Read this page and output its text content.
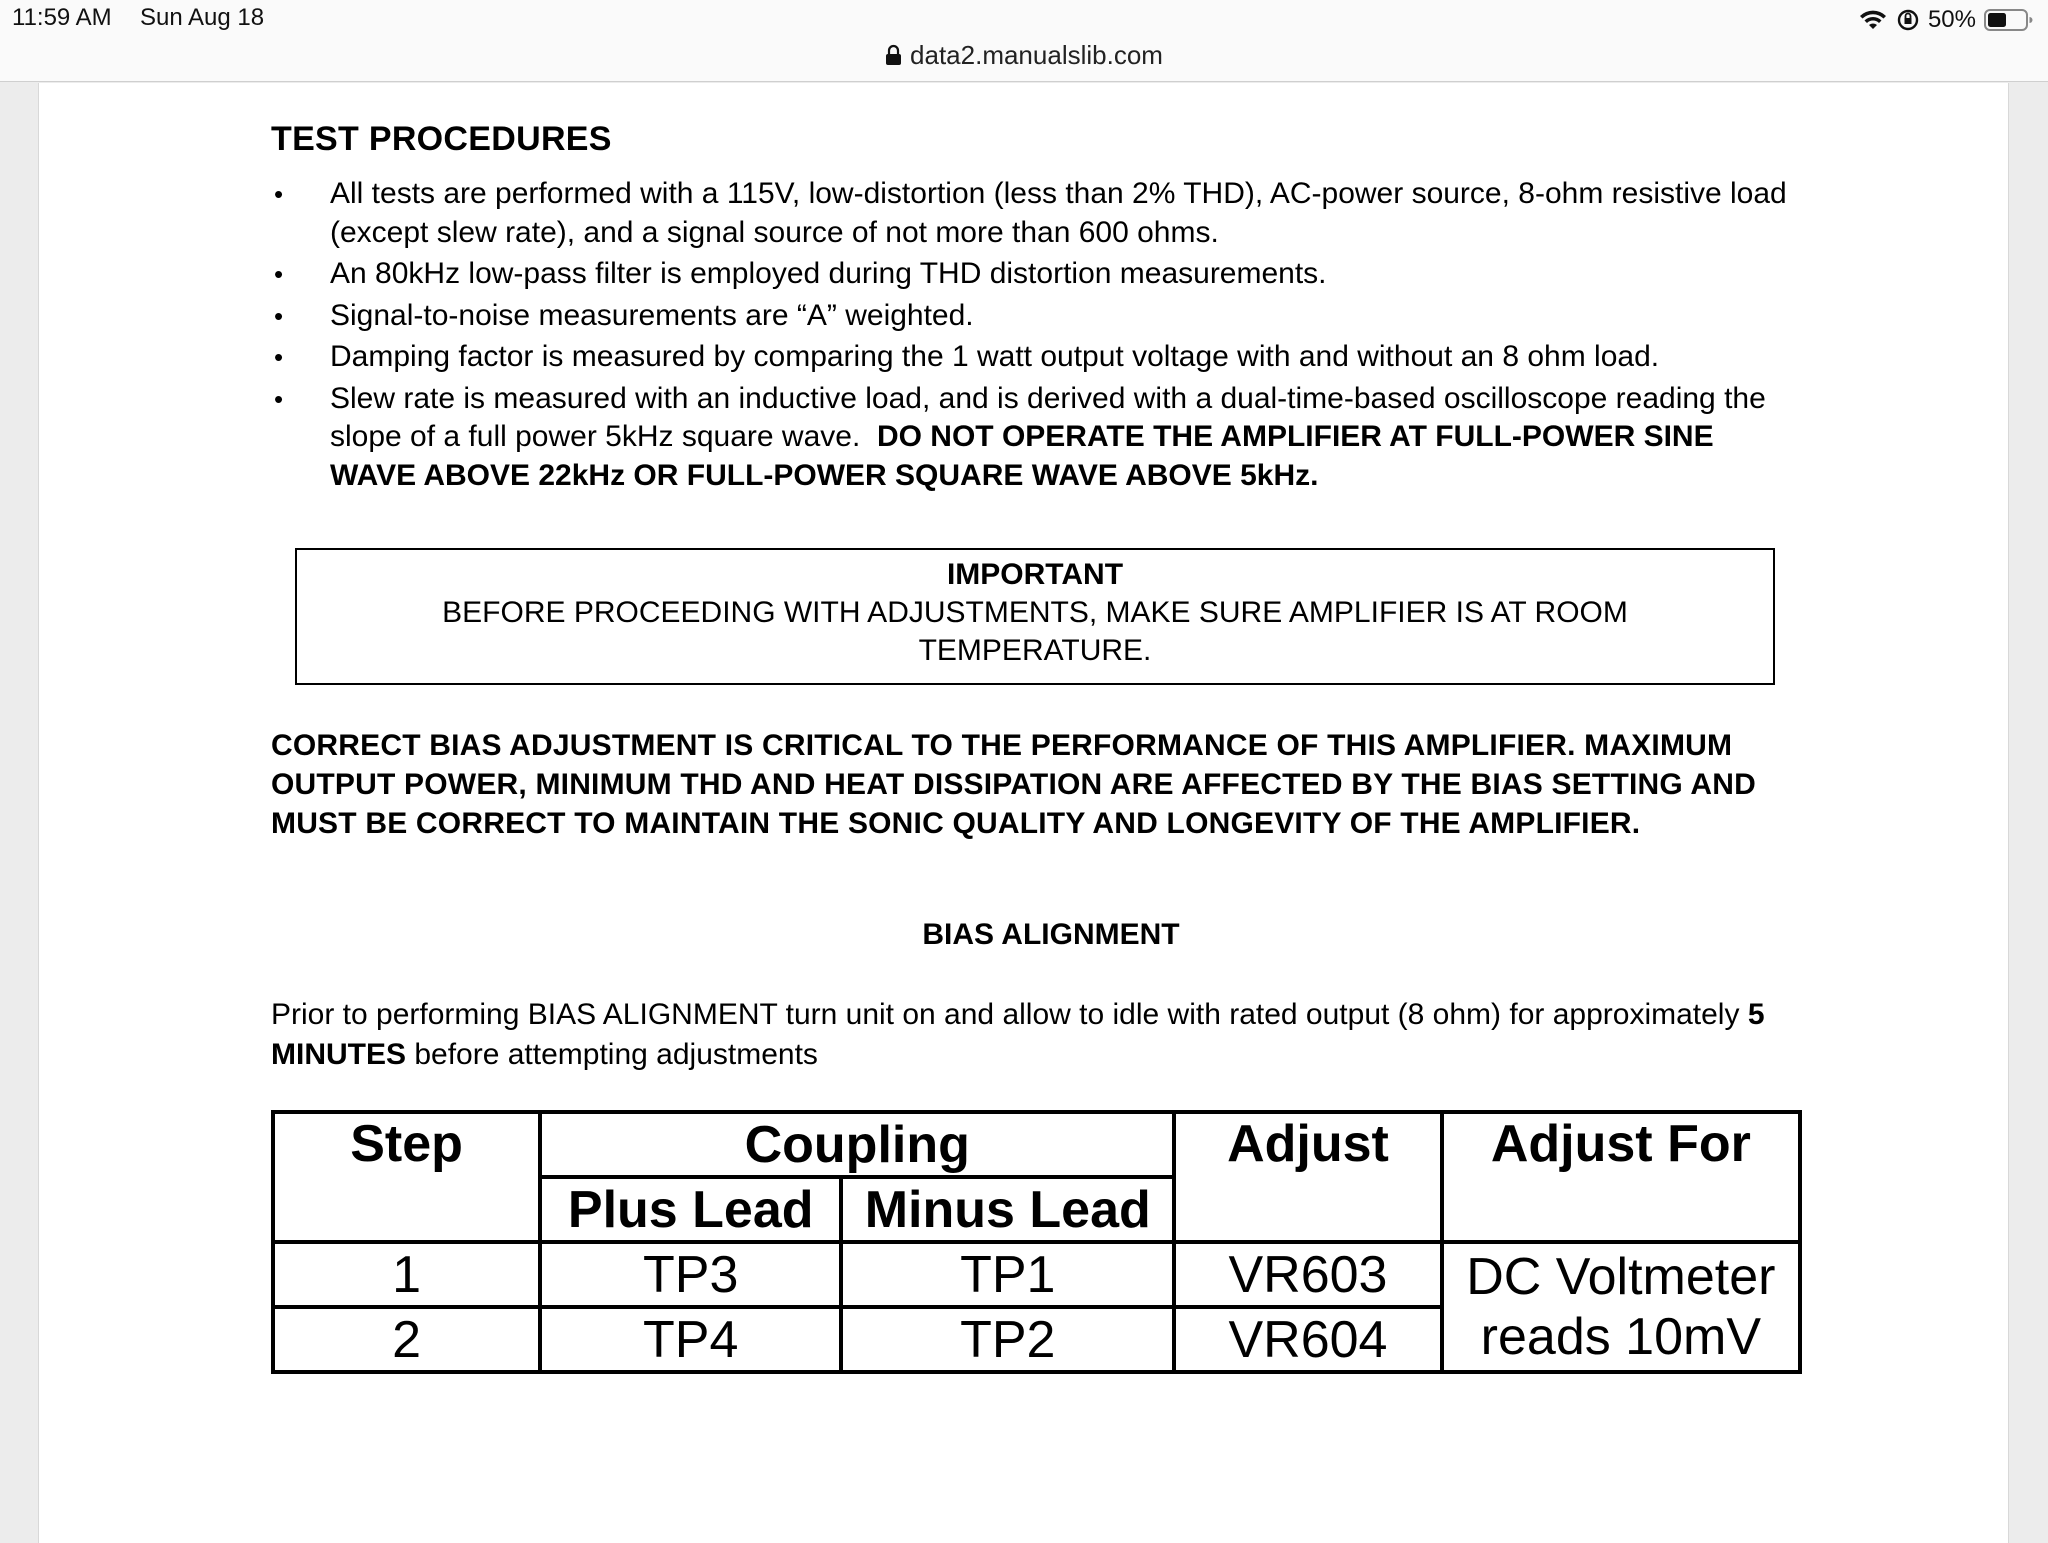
11:59 AM Sun Aug 18	50%
data2.manualslib.com
TEST PROCEDURES
• All tests are performed with a 115V, low-distortion (less than 2% THD), AC-power source, 8-ohm resistive load (except slew rate), and a signal source of not more than 600 ohms.
• An 80kHz low-pass filter is employed during THD distortion measurements.
• Signal-to-noise measurements are “A” weighted.
• Damping factor is measured by comparing the 1 watt output voltage with and without an 8 ohm load.
• Slew rate is measured with an inductive load, and is derived with a dual-time-based oscilloscope reading the slope of a full power 5kHz square wave. DO NOT OPERATE THE AMPLIFIER AT FULL-POWER SINE WAVE ABOVE 22kHz OR FULL-POWER SQUARE WAVE ABOVE 5kHz.
IMPORTANT
BEFORE PROCEEDING WITH ADJUSTMENTS, MAKE SURE AMPLIFIER IS AT ROOM TEMPERATURE.
CORRECT BIAS ADJUSTMENT IS CRITICAL TO THE PERFORMANCE OF THIS AMPLIFIER. MAXIMUM OUTPUT POWER, MINIMUM THD AND HEAT DISSIPATION ARE AFFECTED BY THE BIAS SETTING AND MUST BE CORRECT TO MAINTAIN THE SONIC QUALITY AND LONGEVITY OF THE AMPLIFIER.
BIAS ALIGNMENT
Prior to performing BIAS ALIGNMENT turn unit on and allow to idle with rated output (8 ohm) for approximately 5 MINUTES before attempting adjustments
Step	Coupling		Adjust	Adjust For
	Plus Lead	Minus Lead		
1	TP3	TP1	VR603	DC Voltmeter
reads 10mV

2	TP4	TP2	VR604	
